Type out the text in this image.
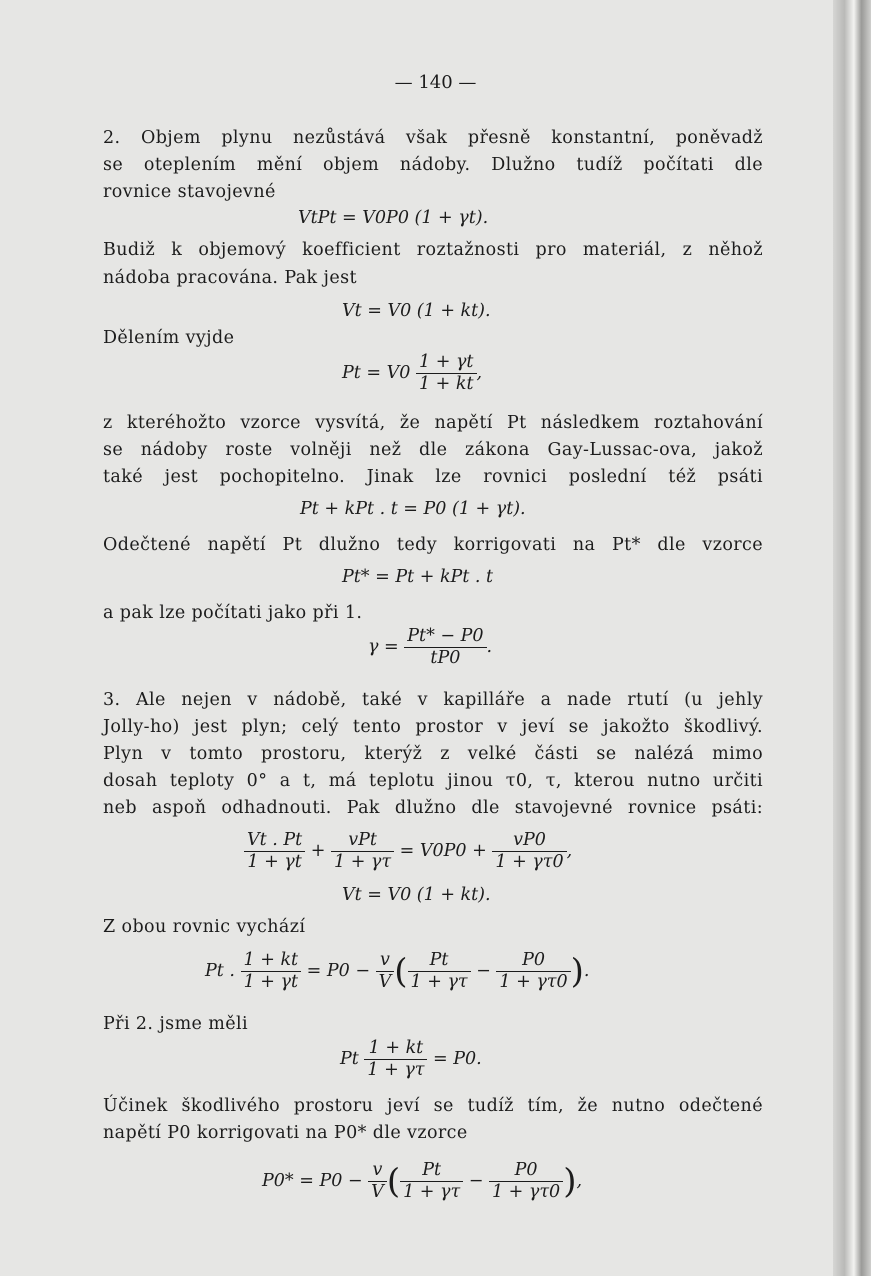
— 140 —
2. Objem plynu nezůstává však přesně konstantní, poněvadž
se oteplením mění objem nádoby. Dlužno tudíž počítati dle
rovnice stavojevné
Budiž k objemový koefficient roztažnosti pro materiál, z něhož
nádoba pracována. Pak jest
Dělením vyjde
z kteréhožto vzorce vysvítá, že napětí Pt následkem roztahování
se nádoby roste volněji než dle zákona Gay-Lussac-ova, jakož
také jest pochopitelno. Jinak lze rovnici poslední též psáti
Odečtené napětí Pt dlužno tedy korrigovati na Pt* dle vzorce
a pak lze počítati jako při 1.
3. Ale nejen v nádobě, také v kapilláře a nade rtutí (u jehly
Jolly-ho) jest plyn; celý tento prostor v jeví se jakožto škodlivý.
Plyn v tomto prostoru, kterýž z velké části se nalézá mimo
dosah teploty 0° a t, má teplotu jinou τ0, τ, kterou nutno určiti
neb aspoň odhadnouti. Pak dlužno dle stavojevné rovnice psáti:
Z obou rovnic vychází
Při 2. jsme měli
Účinek škodlivého prostoru jeví se tudíž tím, že nutno odečtené
napětí P0 korrigovati na P0* dle vzorce
VtPt = V0P0 (1 + γt).
Vt = V0 (1 + kt).
$Pt = V0 \frac{1 + \gamma t}{1 + kt}$ ,
Pt + kPt . t = P0 (1 + γt).
Pt* = Pt + kPt . t
$\gamma = \frac{Pt* - P0}{tP0}$ .
$\frac{Vt . Pt}{1 + \gamma t} + \frac{\text{vPt}}{1 + \gamma\tau} = V0P0 + \frac{vP0}{1 + \gamma\tau 0}$ ,
Vt = V0 (1 + kt).
Pt . $\frac{1 + kt}{1 + \gamma t} = P0 - \frac{v}{V}$ ( $\frac{Pt}{1 + \gamma\tau} - \frac{P0}{1 + \gamma\tau 0}$ ).
Pt $\frac{1 + kt}{1 + \gamma\tau} = P0$.
$P0* = P0 - \frac{v}{V}$ ( $\frac{Pt}{1 + \gamma\tau} - \frac{P0}{1 + \gamma\tau 0}$ ),
